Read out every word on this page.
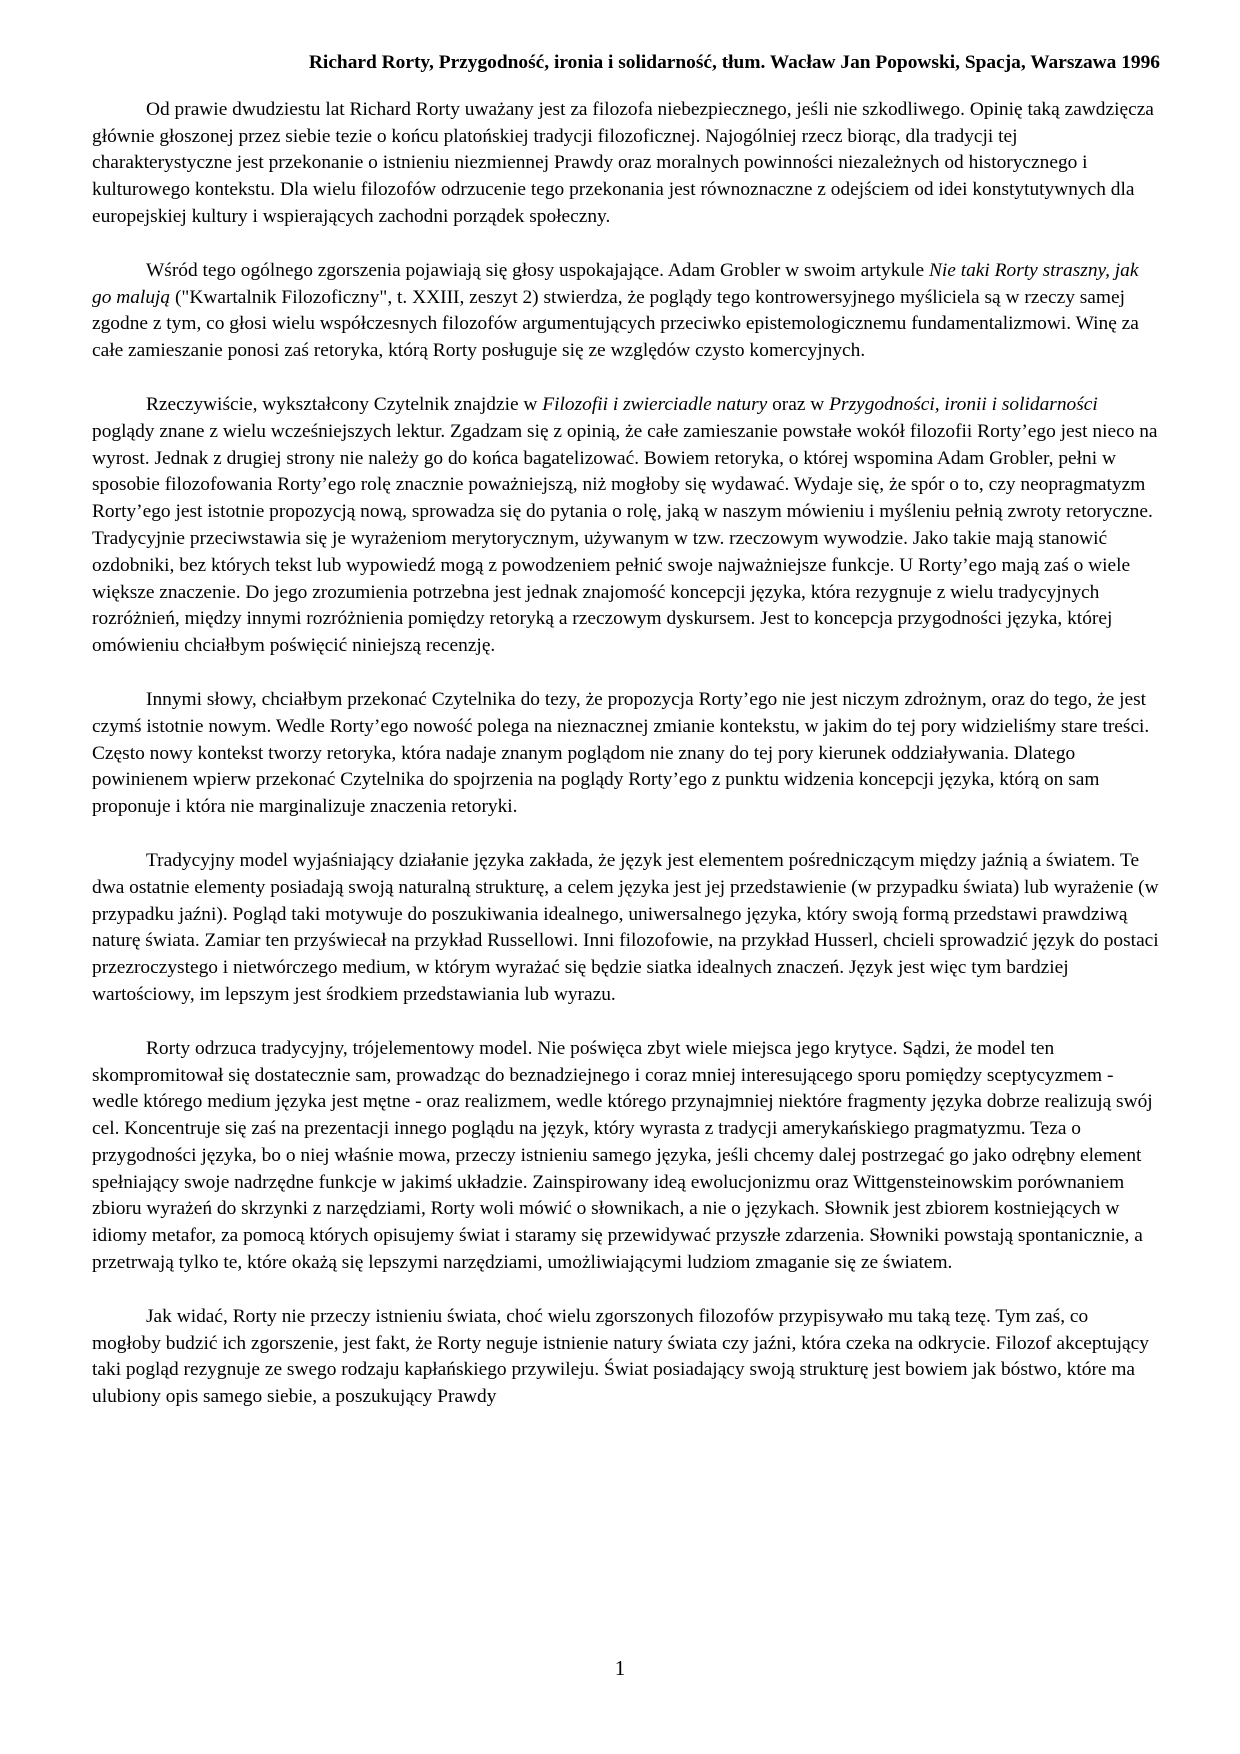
Richard Rorty, Przygodność, ironia i solidarność, tłum. Wacław Jan Popowski, Spacja, Warszawa 1996

Od prawie dwudziestu lat Richard Rorty uważany jest za filozofa niebezpiecznego, jeśli nie szkodliwego. Opinię taką zawdzięcza głównie głoszonej przez siebie tezie o końcu platońskiej tradycji filozoficznej. Najogólniej rzecz biorąc, dla tradycji tej charakterystyczne jest przekonanie o istnieniu niezmiennej Prawdy oraz moralnych powinności niezależnych od historycznego i kulturowego kontekstu. Dla wielu filozofów odrzucenie tego przekonania jest równoznaczne z odejściem od idei konstytutywnych dla europejskiej kultury i wspierających zachodni porządek społeczny.

Wśród tego ogólnego zgorszenia pojawiają się głosy uspokajające. Adam Grobler w swoim artykule Nie taki Rorty straszny, jak go malują ("Kwartalnik Filozoficzny", t. XXIII, zeszyt 2) stwierdza, że poglądy tego kontrowersyjnego myśliciela są w rzeczy samej zgodne z tym, co głosi wielu współczesnych filozofów argumentujących przeciwko epistemologicznemu fundamentalizmowi. Winę za całe zamieszanie ponosi zaś retoryka, którą Rorty posługuje się ze względów czysto komercyjnych.

Rzeczywiście, wykształcony Czytelnik znajdzie w Filozofii i zwierciadle natury oraz w Przygodności, ironii i solidarności poglądy znane z wielu wcześniejszych lektur. Zgadzam się z opinią, że całe zamieszanie powstałe wokół filozofii Rorty’ego jest nieco na wyrost. Jednak z drugiej strony nie należy go do końca bagatelizować. Bowiem retoryka, o której wspomina Adam Grobler, pełni w sposobie filozofowania Rorty’ego rolę znacznie poważniejszą, niż mogłoby się wydawać. Wydaje się, że spór o to, czy neopragmatyzm Rorty’ego jest istotnie propozycją nową, sprowadza się do pytania o rolę, jaką w naszym mówieniu i myśleniu pełnią zwroty retoryczne. Tradycyjnie przeciwstawia się je wyrażeniom merytorycznym, używanym w tzw. rzeczowym wywodzie. Jako takie mają stanowić ozdobniki, bez których tekst lub wypowiedź mogą z powodzeniem pełnić swoje najważniejsze funkcje. U Rorty’ego mają zaś o wiele większe znaczenie. Do jego zrozumienia potrzebna jest jednak znajomość koncepcji języka, która rezygnuje z wielu tradycyjnych rozróżnień, między innymi rozróżnienia pomiędzy retoryką a rzeczowym dyskursem. Jest to koncepcja przygodności języka, której omówieniu chciałbym poświęcić niniejszą recenzję.

Innymi słowy, chciałbym przekonać Czytelnika do tezy, że propozycja Rorty’ego nie jest niczym zdrożnym, oraz do tego, że jest czymś istotnie nowym. Wedle Rorty’ego nowość polega na nieznacznej zmianie kontekstu, w jakim do tej pory widzieliśmy stare treści. Często nowy kontekst tworzy retoryka, która nadaje znanym poglądom nie znany do tej pory kierunek oddziaływania. Dlatego powinienem wpierw przekonać Czytelnika do spojrzenia na poglądy Rorty’ego z punktu widzenia koncepcji języka, którą on sam proponuje i która nie marginalizuje znaczenia retoryki.

Tradycyjny model wyjaśniający działanie języka zakłada, że język jest elementem pośredniczącym między jaźnią a światem. Te dwa ostatnie elementy posiadają swoją naturalną strukturę, a celem języka jest jej przedstawienie (w przypadku świata) lub wyrażenie (w przypadku jaźni). Pogląd taki motywuje do poszukiwania idealnego, uniwersalnego języka, który swoją formą przedstawi prawdziwą naturę świata. Zamiar ten przyświecał na przykład Russellowi. Inni filozofowie, na przykład Husserl, chcieli sprowadzić język do postaci przezroczystego i nietwórczego medium, w którym wyrażać się będzie siatka idealnych znaczeń. Język jest więc tym bardziej wartościowy, im lepszym jest środkiem przedstawiania lub wyrazu.

Rorty odrzuca tradycyjny, trójelementowy model. Nie poświęca zbyt wiele miejsca jego krytyce. Sądzi, że model ten skompromitował się dostatecznie sam, prowadząc do beznadziejnego i coraz mniej interesującego sporu pomiędzy sceptycyzmem - wedle którego medium języka jest mętne - oraz realizmem, wedle którego przynajmniej niektóre fragmenty języka dobrze realizują swój cel. Koncentruje się zaś na prezentacji innego poglądu na język, który wyrasta z tradycji amerykańskiego pragmatyzmu. Teza o przygodności języka, bo o niej właśnie mowa, przeczy istnieniu samego języka, jeśli chcemy dalej postrzegać go jako odrębny element spełniający swoje nadrzędne funkcje w jakimś układzie. Zainspirowany ideą ewolucjonizmu oraz Wittgensteinowskim porównaniem zbioru wyrażeń do skrzynki z narzędziami, Rorty woli mówić o słownikach, a nie o językach. Słownik jest zbiorem kostniejących w idiomy metafor, za pomocą których opisujemy świat i staramy się przewidywać przyszłe zdarzenia. Słowniki powstają spontanicznie, a przetrwają tylko te, które okażą się lepszymi narzędziami, umożliwiającymi ludziom zmaganie się ze światem.

Jak widać, Rorty nie przeczy istnieniu świata, choć wielu zgorszonych filozofów przypisywało mu taką tezę. Tym zaś, co mogłoby budzić ich zgorszenie, jest fakt, że Rorty neguje istnienie natury świata czy jaźni, która czeka na odkrycie. Filozof akceptujący taki pogląd rezygnuje ze swego rodzaju kapłańskiego przywileju. Świat posiadający swoją strukturę jest bowiem jak bóstwo, które ma ulubiony opis samego siebie, a poszukujący Prawdy

1
